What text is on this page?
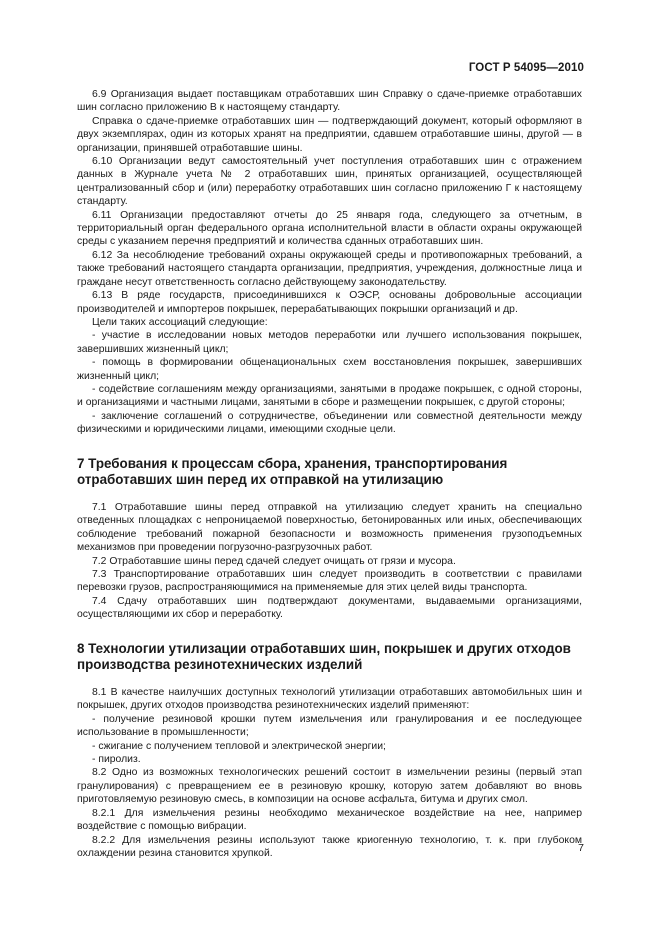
ГОСТ Р 54095—2010

6.9 Организация выдает поставщикам отработавших шин Справку о сдаче-приемке отработавших шин согласно приложению В к настоящему стандарту.

Справка о сдаче-приемке отработавших шин — подтверждающий документ, который оформляют в двух экземплярах, один из которых хранят на предприятии, сдавшем отработавшие шины, другой — в организации, принявшей отработавшие шины.

6.10 Организации ведут самостоятельный учет поступления отработавших шин с отражением данных в Журнале учета № 2 отработавших шин, принятых организацией, осуществляющей централизованный сбор и (или) переработку отработавших шин согласно приложению Г к настоящему стандарту.

6.11 Организации предоставляют отчеты до 25 января года, следующего за отчетным, в территориальный орган федерального органа исполнительной власти в области охраны окружающей среды с указанием перечня предприятий и количества сданных отработавших шин.

6.12 За несоблюдение требований охраны окружающей среды и противопожарных требований, а также требований настоящего стандарта организации, предприятия, учреждения, должностные лица и граждане несут ответственность согласно действующему законодательству.

6.13 В ряде государств, присоединившихся к ОЭСР, основаны добровольные ассоциации производителей и импортеров покрышек, перерабатывающих покрышки организаций и др.

Цели таких ассоциаций следующие:

- участие в исследовании новых методов переработки или лучшего использования покрышек, завершивших жизненный цикл;

- помощь в формировании общенациональных схем восстановления покрышек, завершивших жизненный цикл;

- содействие соглашениям между организациями, занятыми в продаже покрышек, с одной стороны, и организациями и частными лицами, занятыми в сборе и размещении покрышек, с другой стороны;

- заключение соглашений о сотрудничестве, объединении или совместной деятельности между физическими и юридическими лицами, имеющими сходные цели.

7 Требования к процессам сбора, хранения, транспортирования отработавших шин перед их отправкой на утилизацию

7.1 Отработавшие шины перед отправкой на утилизацию следует хранить на специально отведенных площадках с непроницаемой поверхностью, бетонированных или иных, обеспечивающих соблюдение требований пожарной безопасности и возможность применения грузоподъемных механизмов при проведении погрузочно-разгрузочных работ.

7.2 Отработавшие шины перед сдачей следует очищать от грязи и мусора.

7.3 Транспортирование отработавших шин следует производить в соответствии с правилами перевозки грузов, распространяющимися на применяемые для этих целей виды транспорта.

7.4 Сдачу отработавших шин подтверждают документами, выдаваемыми организациями, осуществляющими их сбор и переработку.

8 Технологии утилизации отработавших шин, покрышек и других отходов производства резинотехнических изделий

8.1 В качестве наилучших доступных технологий утилизации отработавших автомобильных шин и покрышек, других отходов производства резинотехнических изделий применяют:

- получение резиновой крошки путем измельчения или гранулирования и ее последующее использование в промышленности;

- сжигание с получением тепловой и электрической энергии;

- пиролиз.

8.2 Одно из возможных технологических решений состоит в измельчении резины (первый этап гранулирования) с превращением ее в резиновую крошку, которую затем добавляют во вновь приготовляемую резиновую смесь, в композиции на основе асфальта, битума и других смол.

8.2.1 Для измельчения резины необходимо механическое воздействие на нее, например воздействие с помощью вибрации.

8.2.2 Для измельчения резины используют также криогенную технологию, т. к. при глубоком охлаждении резина становится хрупкой.	7
